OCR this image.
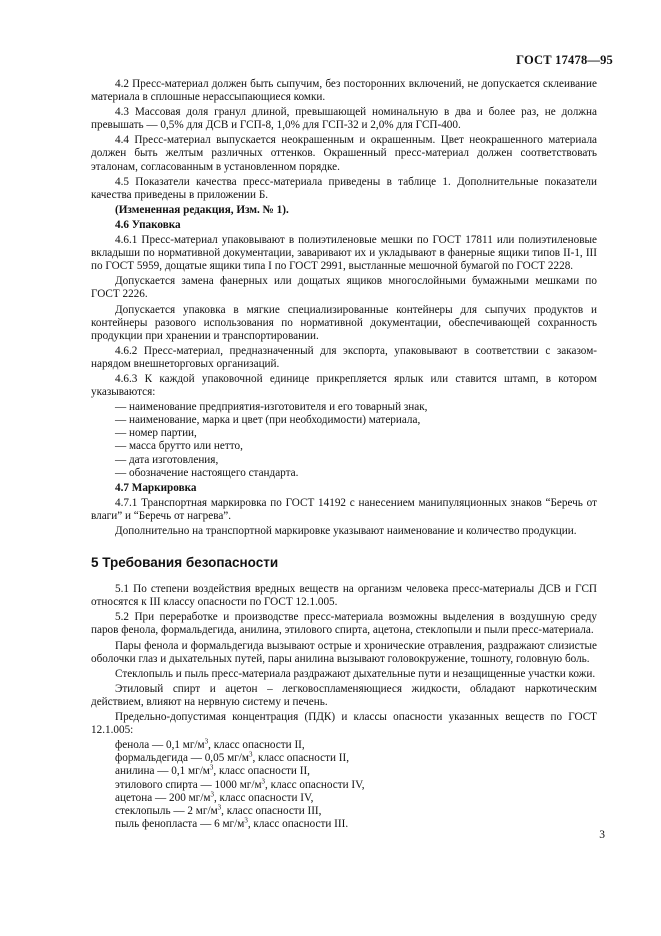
ГОСТ 17478—95

4.2 Пресс-материал должен быть сыпучим, без посторонних включений, не допускается склеивание материала в сплошные нерассыпающиеся комки.

4.3 Массовая доля гранул длиной, превышающей номинальную в два и более раз, не должна превышать — 0,5% для ДСВ и ГСП-8, 1,0% для ГСП-32 и 2,0% для ГСП-400.

4.4 Пресс-материал выпускается неокрашенным и окрашенным. Цвет неокрашенного материала должен быть желтым различных оттенков. Окрашенный пресс-материал должен соответствовать эталонам, согласованным в установленном порядке.

4.5 Показатели качества пресс-материала приведены в таблице 1. Дополнительные показатели качества приведены в приложении Б.

(Измененная редакция, Изм. № 1).

4.6 Упаковка

4.6.1 Пресс-материал упаковывают в полиэтиленовые мешки по ГОСТ 17811 или полиэтиленовые вкладыши по нормативной документации, заваривают их и укладывают в фанерные ящики типов II-1, III по ГОСТ 5959, дощатые ящики типа I по ГОСТ 2991, выстланные мешочной бумагой по ГОСТ 2228.

Допускается замена фанерных или дощатых ящиков многослойными бумажными мешками по ГОСТ 2226.

Допускается упаковка в мягкие специализированные контейнеры для сыпучих продуктов и контейнеры разового использования по нормативной документации, обеспечивающей сохранность продукции при хранении и транспортировании.

4.6.2 Пресс-материал, предназначенный для экспорта, упаковывают в соответствии с заказом-нарядом внешнеторговых организаций.

4.6.3 К каждой упаковочной единице прикрепляется ярлык или ставится штамп, в котором указываются:

— наименование предприятия-изготовителя и его товарный знак,

— наименование, марка и цвет (при необходимости) материала,

— номер партии,

— масса брутто или нетто,

— дата изготовления,

— обозначение настоящего стандарта.

4.7 Маркировка

4.7.1 Транспортная маркировка по ГОСТ 14192 с нанесением манипуляционных знаков “Беречь от влаги” и “Беречь от нагрева”.

Дополнительно на транспортной маркировке указывают наименование и количество продукции.

5 Требования безопасности

5.1 По степени воздействия вредных веществ на организм человека пресс-материалы ДСВ и ГСП относятся к III классу опасности по ГОСТ 12.1.005.

5.2 При переработке и производстве пресс-материала возможны выделения в воздушную среду паров фенола, формальдегида, анилина, этилового спирта, ацетона, стеклопыли и пыли пресс-материала.

Пары фенола и формальдегида вызывают острые и хронические отравления, раздражают слизистые оболочки глаз и дыхательных путей, пары анилина вызывают головокружение, тошноту, головную боль.

Стеклопыль и пыль пресс-материала раздражают дыхательные пути и незащищенные участки кожи.

Этиловый спирт и ацетон – легковоспламеняющиеся жидкости, обладают наркотическим действием, влияют на нервную систему и печень.

Предельно-допустимая концентрация (ПДК) и классы опасности указанных веществ по ГОСТ 12.1.005:

фенола — 0,1 $мг/м^3$, класс опасности II,

формальдегида — 0,05 $мг/м^3$, класс опасности II,

анилина — 0,1 $мг/м^3$, класс опасности II,

этилового спирта — 1000 $мг/м^3$, класс опасности IV,

ацетона — 200 $мг/м^3$, класс опасности IV,

стеклопыль — 2 $мг/м^3$, класс опасности III,

пыль фенопласта — 6 $мг/м^3$, класс опасности III.

3
